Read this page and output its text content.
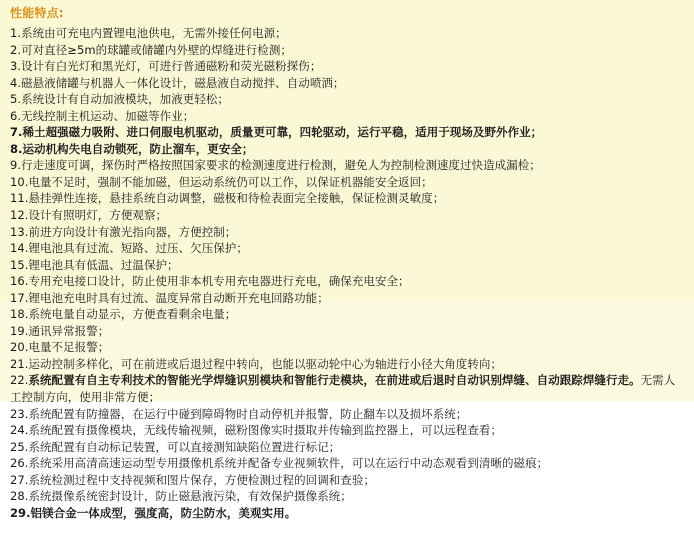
性能特点:
1.系统由可充电内置锂电池供电，无需外接任何电源；
2.可对直径≥5m的球罐或储罐内外壁的焊缝进行检测；
3.设计有白光灯和黑光灯，可进行普通磁粉和荧光磁粉探伤；
4.磁悬液储罐与机器人一体化设计，磁悬液自动搅拌、自动喷洒；
5.系统设计有自动加液模块，加液更轻松；
6.无线控制主机运动、加磁等作业；
7.稀土超强磁力吸附、进口伺服电机驱动，质量更可靠，四轮驱动，运行平稳，适用于现场及野外作业；
8.运动机构失电自动锁死，防止溜车，更安全；
9.行走速度可调，探伤时严格按照国家要求的检测速度进行检测，避免人为控制检测速度过快造成漏检；
10.电量不足时，强制不能加磁，但运动系统仍可以工作，以保证机器能安全返回；
11.悬挂弹性连接，悬挂系统自动调整，磁极和待检表面完全接触，保证检测灵敏度；
12.设计有照明灯，方便观察；
13.前进方向设计有激光指向器，方便控制；
14.锂电池具有过流、短路、过压、欠压保护；
15.锂电池具有低温、过温保护；
16.专用充电接口设计，防止使用非本机专用充电器进行充电，确保充电安全；
17.锂电池充电时具有过流、温度异常自动断开充电回路功能；
18.系统电量自动显示，方便查看剩余电量；
19.通讯异常报警；
20.电量不足报警；
21.运动控制多样化，可在前进或后退过程中转向，也能以驱动轮中心为轴进行小径大角度转向；
22.系统配置有自主专利技术的智能光学焊缝识别模块和智能行走模块，在前进或后退时自动识别焊缝、自动跟踪焊缝行走。无需人工控制方向，使用非常方便；
23.系统配置有防撞器，在运行中碰到障碍物时自动停机并报警，防止翻车以及损坏系统；
24.系统配置有摄像模块，无线传输视频，磁粉图像实时摄取并传输到监控器上，可以远程查看；
25.系统配置有自动标记装置，可以直接测知缺陷位置进行标记；
26.系统采用高清高速运动型专用摄像机系统并配备专业视频软件，可以在运行中动态观看到清晰的磁痕；
27.系统检测过程中支持视频和图片保存，方便检测过程的回调和查验；
28.系统摄像系统密封设计，防止磁悬液污染，有效保护摄像系统；
29.铝镁合金一体成型，强度高，防尘防水，美观实用。
